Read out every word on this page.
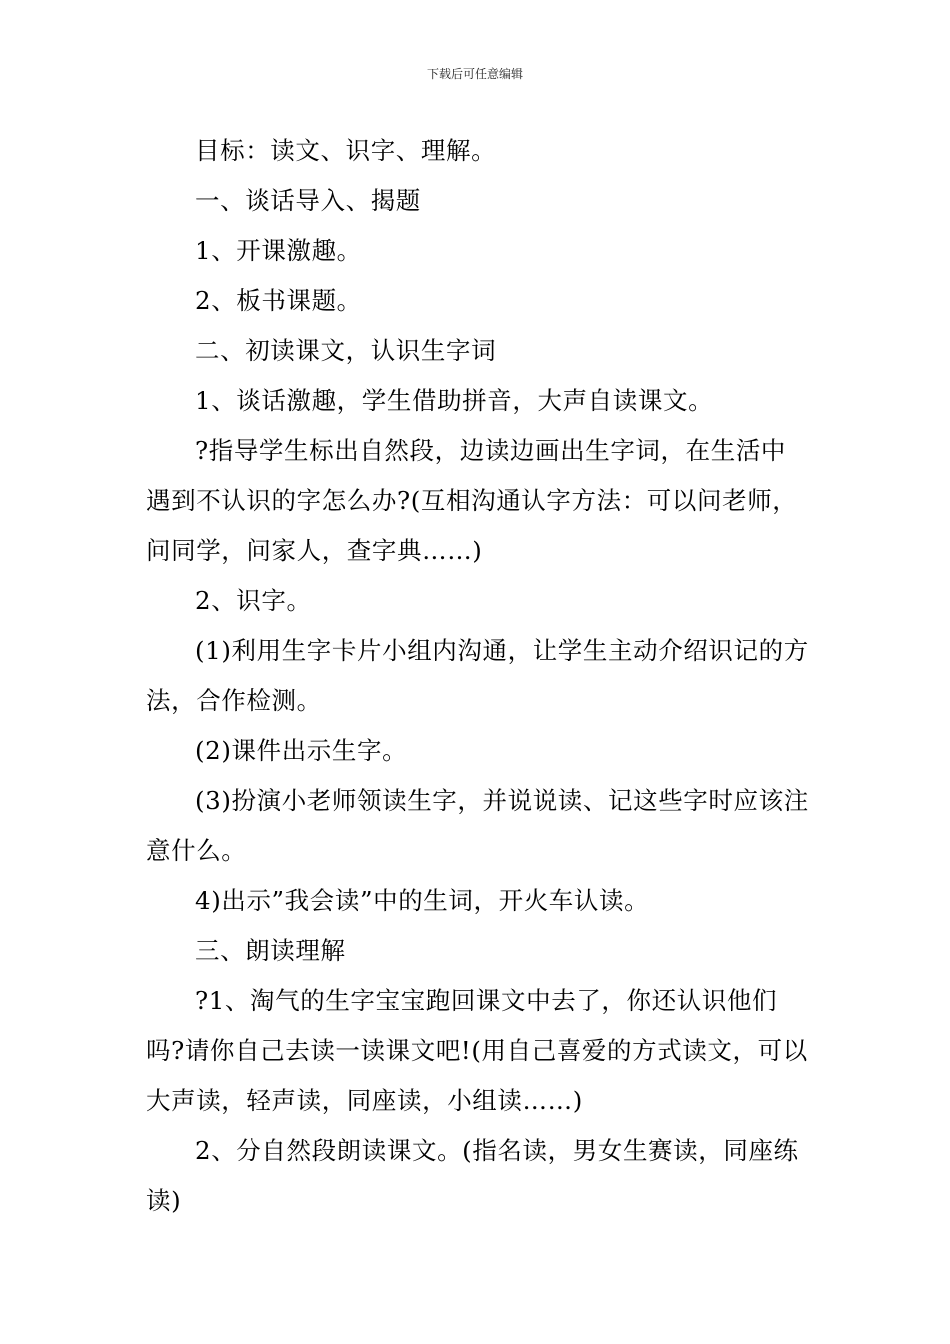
下载后可任意编辑

目标：读文、识字、理解。

一、谈话导入、揭题

1、开课激趣。

2、板书课题。

二、初读课文，认识生字词

1、谈话激趣，学生借助拼音，大声自读课文。

?指导学生标出自然段，边读边画出生字词，在生活中遇到不认识的字怎么办?(互相沟通认字方法：可以问老师，问同学，问家人，查字典……)

2、识字。

(1)利用生字卡片小组内沟通，让学生主动介绍识记的方法，合作检测。

(2)课件出示生字。

(3)扮演小老师领读生字，并说说读、记这些字时应该注意什么。

4)出示”我会读”中的生词，开火车认读。

三、朗读理解

?1、淘气的生字宝宝跑回课文中去了，你还认识他们吗?请你自己去读一读课文吧!(用自己喜爱的方式读文，可以大声读，轻声读，同座读，小组读……)

2、分自然段朗读课文。(指名读，男女生赛读，同座练读)
